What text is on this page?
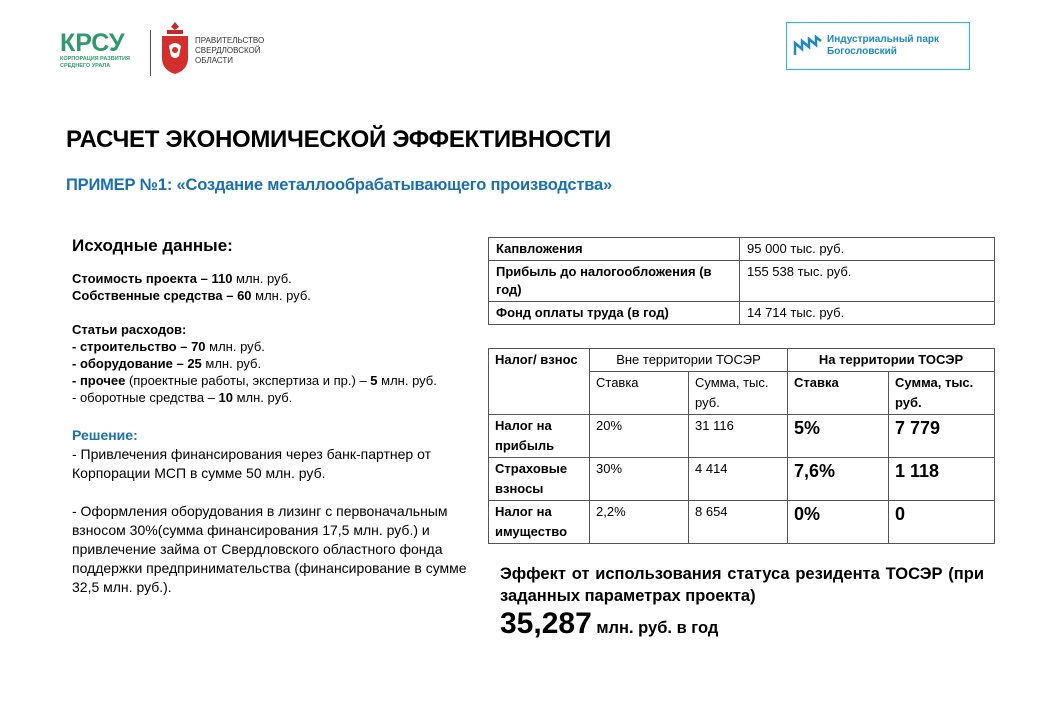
КРСУ
КОРПОРАЦИЯ РАЗВИТИЯ
СРЕДНЕГО УРАЛА
ПРАВИТЕЛЬСТВО
СВЕРДЛОВСКОЙ
ОБЛАСТИ
Индустриальный парк
Богословский
РАСЧЕТ ЭКОНОМИЧЕСКОЙ ЭФФЕКТИВНОСТИ
ПРИМЕР №1: «Создание металлообрабатывающего производства»
Исходные данные:
Стоимость проекта – 110 млн. руб.
Собственные средства – 60 млн. руб.
Статьи расходов:
- строительство – 70 млн. руб.
- оборудование – 25 млн. руб.
- прочее (проектные работы, экспертиза и пр.) – 5 млн. руб.
- оборотные средства – 10 млн. руб.
Решение:
- Привлечения финансирования через банк-партнер от Корпорации МСП в сумме 50 млн. руб.
- Оформления оборудования в лизинг с первоначальным взносом 30%(сумма финансирования 17,5 млн. руб.) и привлечение займа от Свердловского областного фонда поддержки предпринимательства (финансирование в сумме 32,5 млн. руб.).
Капвложения	95 000 тыс. руб.
Прибыль до налогообложения (в год)	155 538 тыс. руб.
Фонд оплаты труда (в год)	14 714 тыс. руб.
Налог/ взнос	Вне территории ТОСЭР		На территории ТОСЭР	
	Ставка	Сумма, тыс. руб.	Ставка	Сумма, тыс. руб.
Налог на прибыль	20%	31 116	5%	7 779
Страховые взносы	30%	4 414	7,6%	1 118
Налог на имущество	2,2%	8 654	0%	0
Эффект от использования статуса резидента ТОСЭР (при заданных параметрах проекта)
35,287 млн. руб. в год
